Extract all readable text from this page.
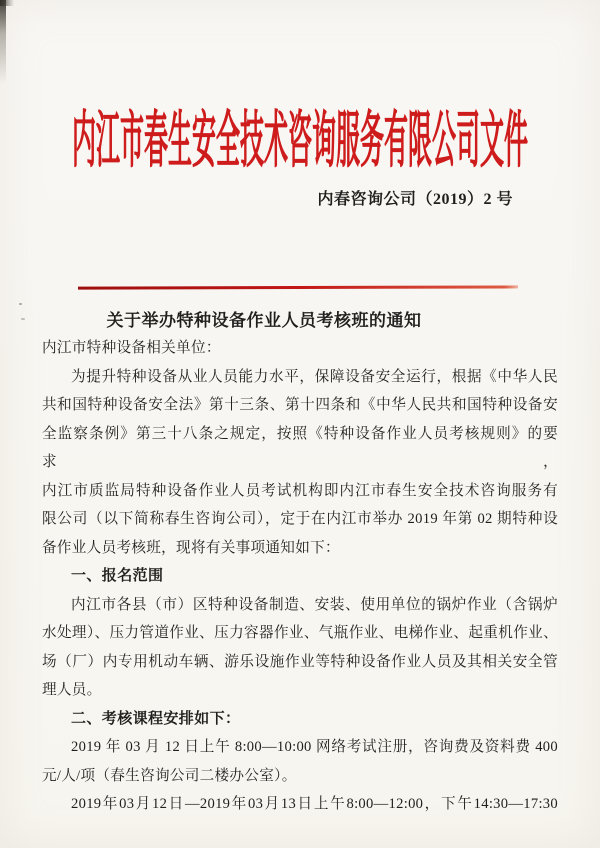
内江市春生安全技术咨询服务有限公司文件
内春咨询公司（2019）2 号
关于举办特种设备作业人员考核班的通知
内江市特种设备相关单位：
为提升特种设备从业人员能力水平，保障设备安全运行，根据《中华人民
共和国特种设备安全法》第十三条、第十四条和《中华人民共和国特种设备安
全监察条例》第三十八条之规定，按照《特种设备作业人员考核规则》的要求，
内江市质监局特种设备作业人员考试机构即内江市春生安全技术咨询服务有
限公司（以下简称春生咨询公司），定于在内江市举办 2019 年第 02 期特种设
备作业人员考核班，现将有关事项通知如下：
一、报名范围
内江市各县（市）区特种设备制造、安装、使用单位的锅炉作业（含锅炉
水处理）、压力管道作业、压力容器作业、气瓶作业、电梯作业、起重机作业、
场（厂）内专用机动车辆、游乐设施作业等特种设备作业人员及其相关安全管
理人员。
二、考核课程安排如下：
2019 年 03 月 12 日上午 8:00—10:00 网络考试注册，咨询费及资料费 400
元/人/项（春生咨询公司二楼办公室）。
2019年03月12日—2019年03月13日上午8:00—12:00，下午14:30—17:30
